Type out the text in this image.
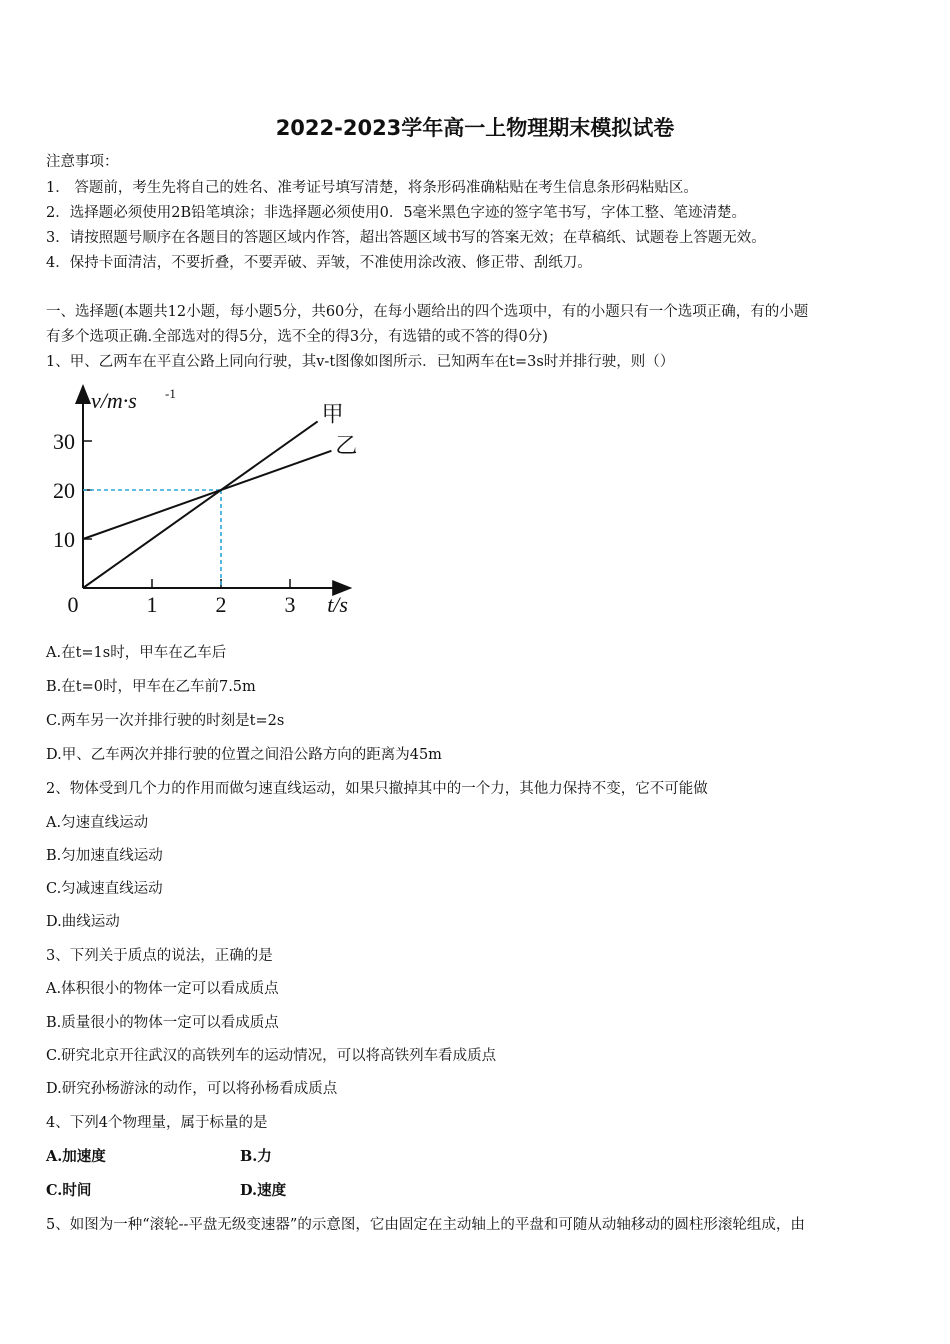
2022-2023学年高一上物理期末模拟试卷
注意事项：
1． 答题前，考生先将自己的姓名、准考证号填写清楚，将条形码准确粘贴在考生信息条形码粘贴区。
2．选择题必须使用2B铅笔填涂；非选择题必须使用0．5毫米黑色字迹的签字笔书写，字体工整、笔迹清楚。
3．请按照题号顺序在各题目的答题区域内作答，超出答题区域书写的答案无效；在草稿纸、试题卷上答题无效。
4．保持卡面清洁，不要折叠，不要弄破、弄皱，不准使用涂改液、修正带、刮纸刀。
一、选择题(本题共12小题，每小题5分，共60分，在每小题给出的四个选项中，有的小题只有一个选项正确，有的小题
有多个选项正确.全部选对的得5分，选不全的得3分，有选错的或不答的得0分)
1、甲、乙两车在平直公路上同向行驶，其v-t图像如图所示．已知两车在t=3s时并排行驶，则（）
1	2	3
10
20
30
0
v/m·s -1
t/s
甲
乙
A.在t=1s时，甲车在乙车后
B.在t=0时，甲车在乙车前7.5m
C.两车另一次并排行驶的时刻是t=2s
D.甲、乙车两次并排行驶的位置之间沿公路方向的距离为45m
2、物体受到几个力的作用而做匀速直线运动，如果只撤掉其中的一个力，其他力保持不变，它不可能做
A.匀速直线运动
B.匀加速直线运动
C.匀减速直线运动
D.曲线运动
3、下列关于质点的说法，正确的是
A.体积很小的物体一定可以看成质点
B.质量很小的物体一定可以看成质点
C.研究北京开往武汉的高铁列车的运动情况，可以将高铁列车看成质点
D.研究孙杨游泳的动作，可以将孙杨看成质点
4、下列4个物理量，属于标量的是
A.加速度	B.力
C.时间	D.速度
5、如图为一种“滚轮--平盘无级变速器”的示意图，它由固定在主动轴上的平盘和可随从动轴移动的圆柱形滚轮组成，由
